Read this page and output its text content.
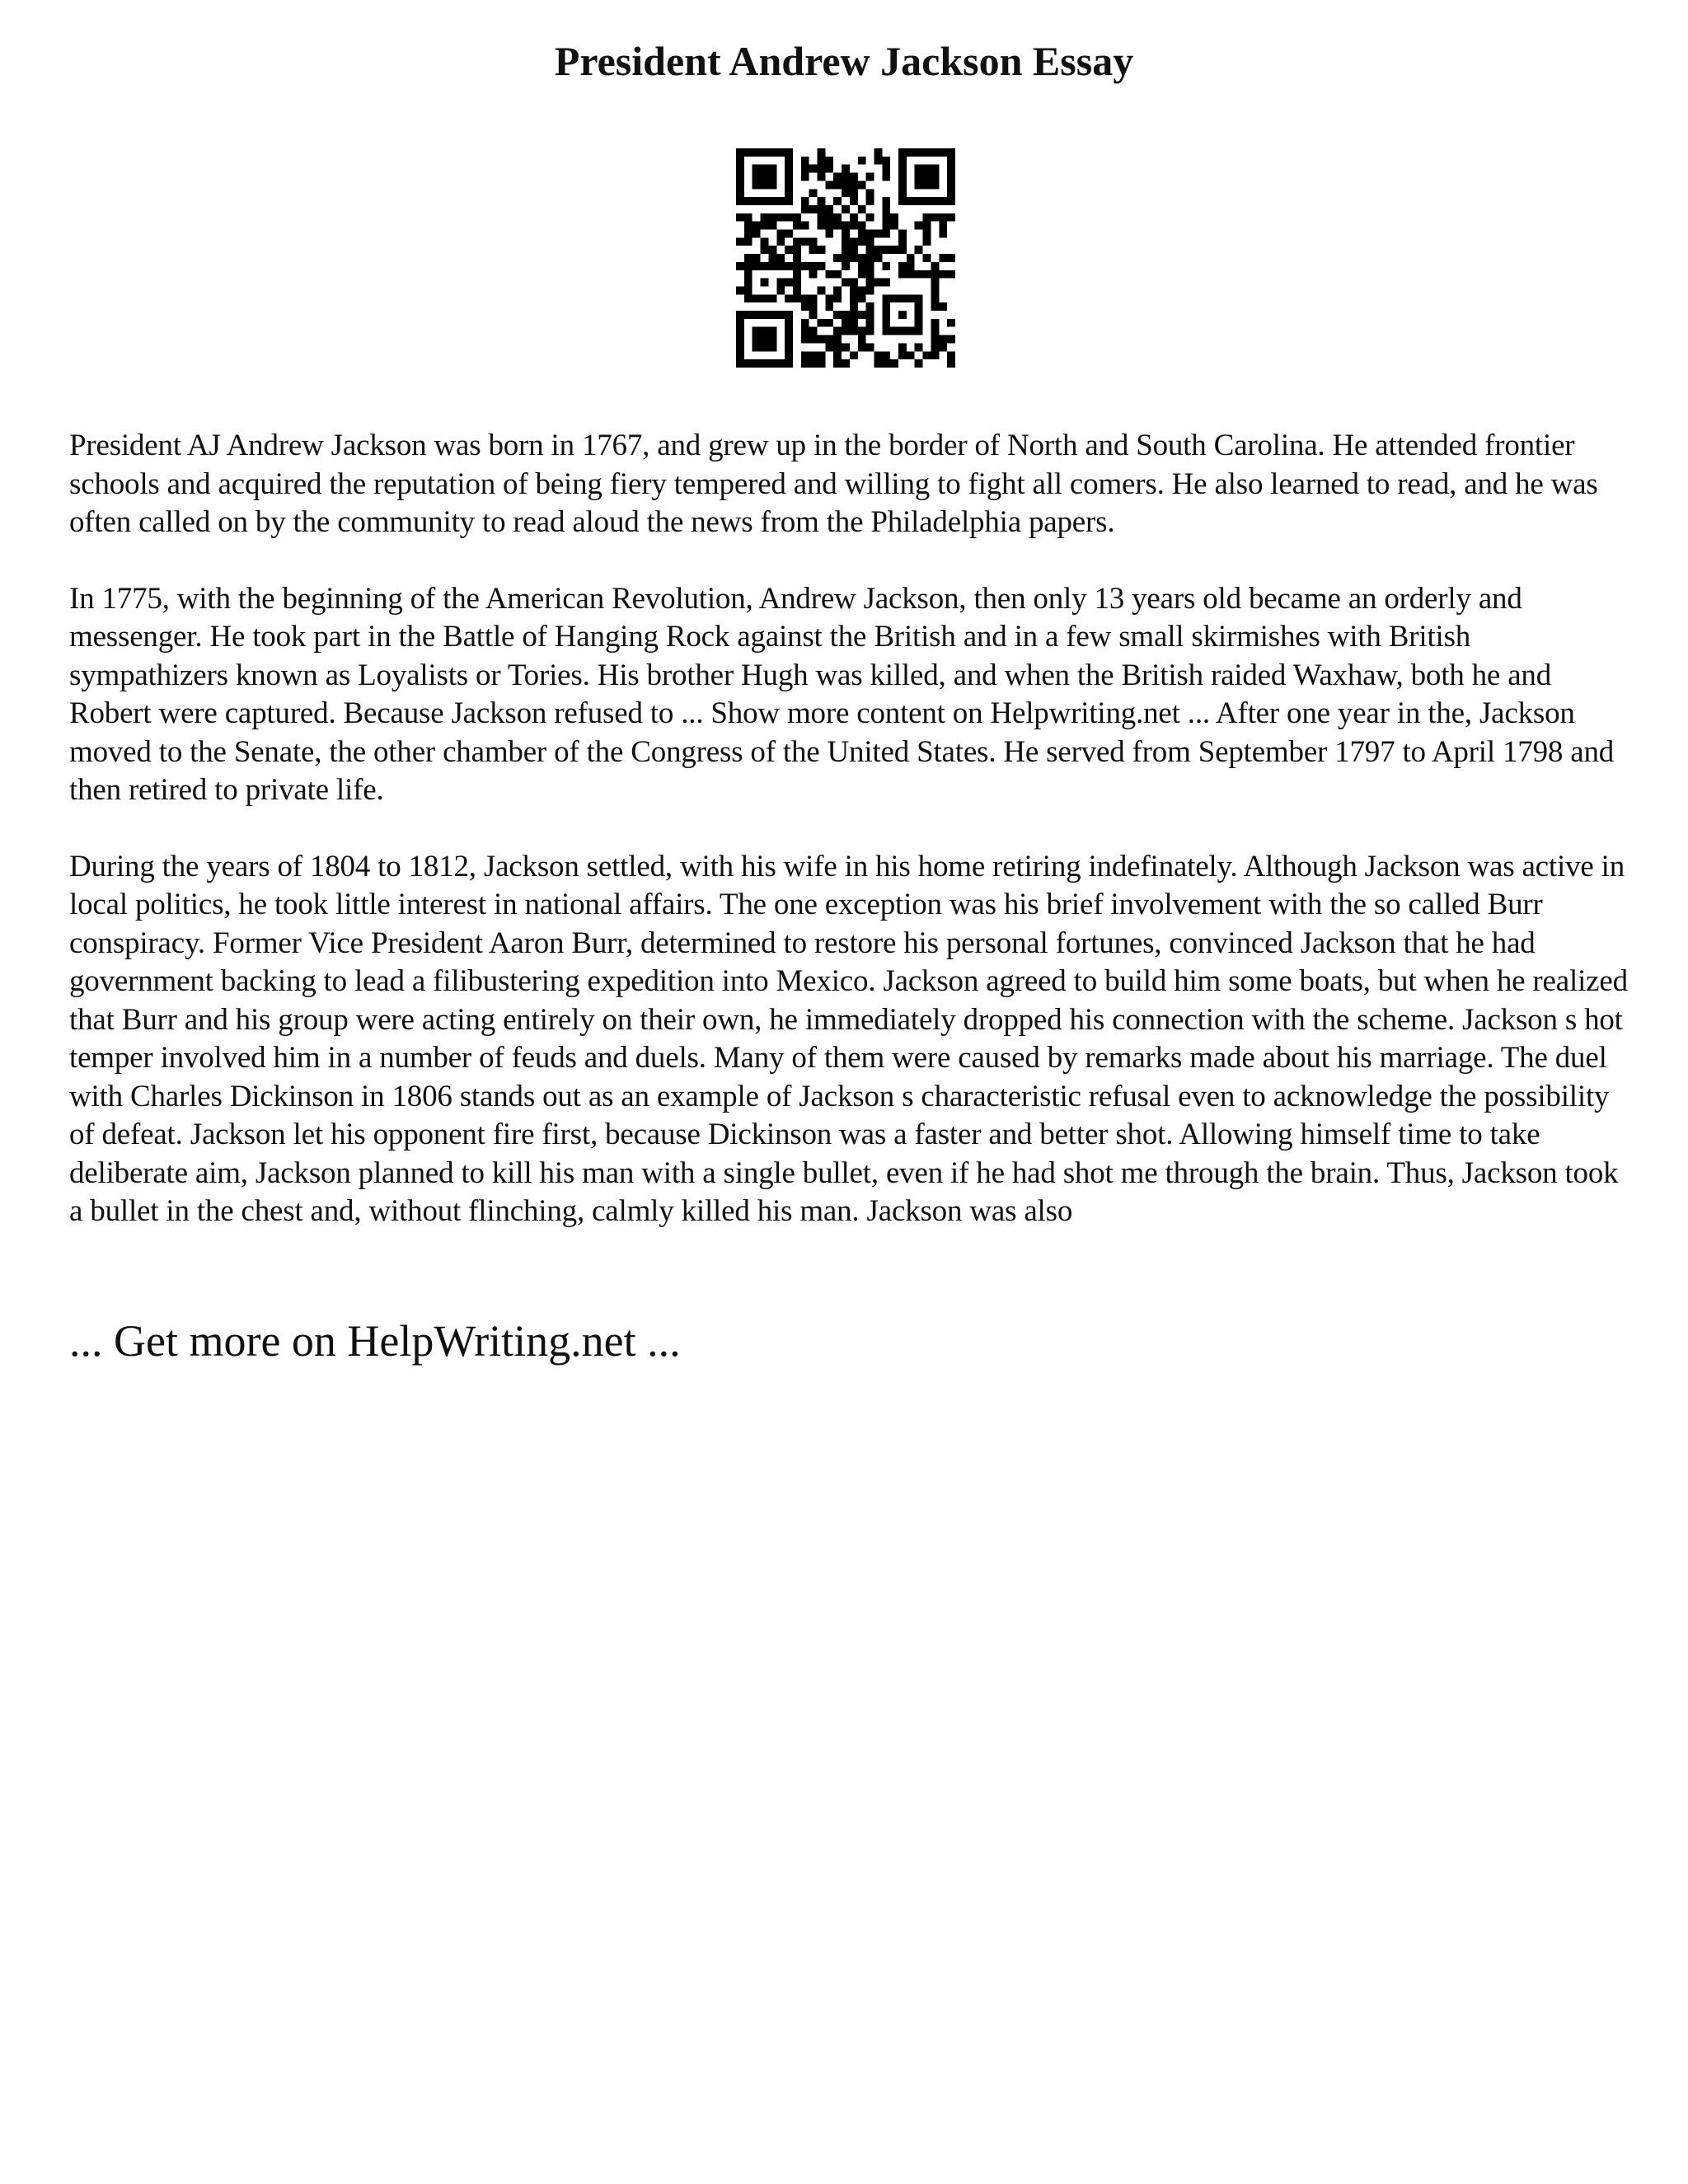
President Andrew Jackson Essay

President AJ Andrew Jackson was born in 1767, and grew up in the border of North and South Carolina. He attended frontier schools and acquired the reputation of being fiery tempered and willing to fight all comers. He also learned to read, and he was often called on by the community to read aloud the news from the Philadelphia papers.

In 1775, with the beginning of the American Revolution, Andrew Jackson, then only 13 years old became an orderly and messenger. He took part in the Battle of Hanging Rock against the British and in a few small skirmishes with British sympathizers known as Loyalists or Tories. His brother Hugh was killed, and when the British raided Waxhaw, both he and Robert were captured. Because Jackson refused to ... Show more content on Helpwriting.net ... After one year in the, Jackson moved to the Senate, the other chamber of the Congress of the United States. He served from September 1797 to April 1798 and then retired to private life.

During the years of 1804 to 1812, Jackson settled, with his wife in his home retiring indefinately. Although Jackson was active in local politics, he took little interest in national affairs. The one exception was his brief involvement with the so called Burr conspiracy. Former Vice President Aaron Burr, determined to restore his personal fortunes, convinced Jackson that he had government backing to lead a filibustering expedition into Mexico. Jackson agreed to build him some boats, but when he realized that Burr and his group were acting entirely on their own, he immediately dropped his connection with the scheme. Jackson s hot temper involved him in a number of feuds and duels. Many of them were caused by remarks made about his marriage. The duel with Charles Dickinson in 1806 stands out as an example of Jackson s characteristic refusal even to acknowledge the possibility of defeat. Jackson let his opponent fire first, because Dickinson was a faster and better shot. Allowing himself time to take deliberate aim, Jackson planned to kill his man with a single bullet, even if he had shot me through the brain. Thus, Jackson took a bullet in the chest and, without flinching, calmly killed his man. Jackson was also

... Get more on HelpWriting.net ...
